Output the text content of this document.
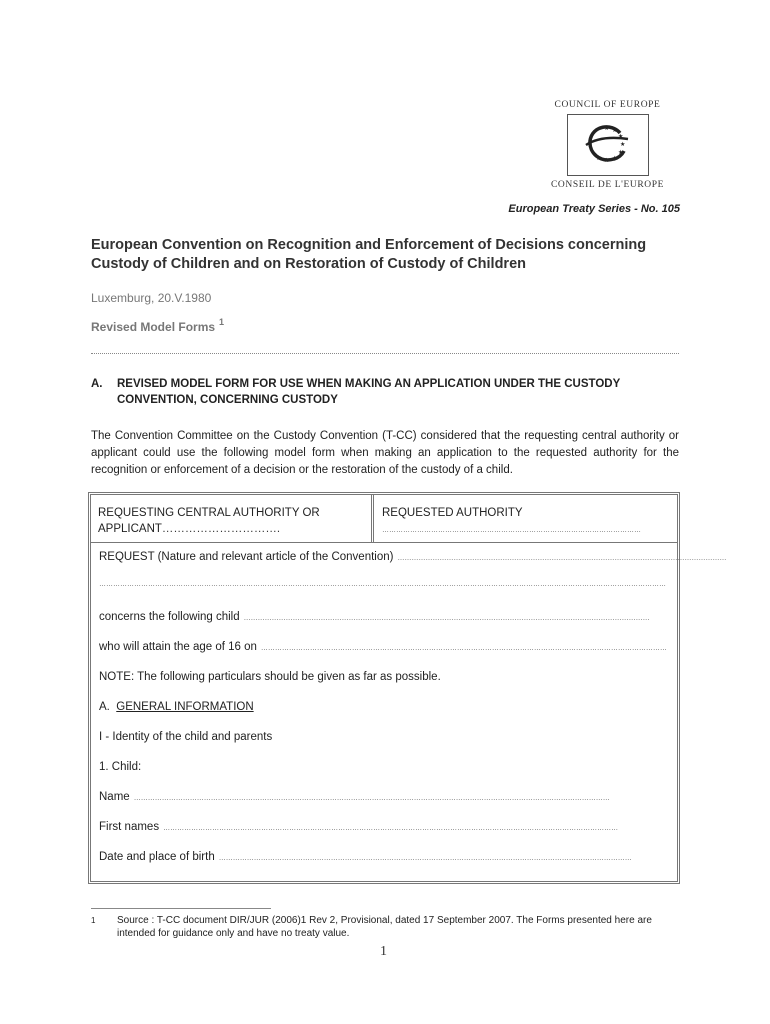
COUNCIL OF EUROPE
★ ★
★
★
★
★
★
★
CONSEIL DE L'EUROPE
European Treaty Series - No. 105
European Convention on Recognition and Enforcement of Decisions concerning
Custody of Children and on Restoration of Custody of Children
Luxemburg, 20.V.1980
Revised Model Forms $^1$
A.	REVISED MODEL FORM FOR USE WHEN MAKING AN APPLICATION UNDER THE CUSTODY CONVENTION, CONCERNING CUSTODY
The Convention Committee on the Custody Convention (T-CC) considered that the requesting central authority or applicant could use the following model form when making an application to the requested authority for the recognition or enforcement of a decision or the restoration of the custody of a child.
REQUESTING CENTRAL AUTHORITY OR
APPLICANT………………………….
REQUESTED AUTHORITY
…………………………………………………………………………………………………
REQUEST (Nature and relevant article of the Convention) ……………………………………………………………………………………………………………………………
………………………………………………………………………………………………………………………………………………………………………………………………………………………
concerns the following child …………………………………………………………………………………………………………………………………………………………
who will attain the age of 16 on …………………………………………………………………………………………………………………………………………………………
NOTE: The following particulars should be given as far as possible.
A.
GENERAL INFORMATION
I - Identity of the child and parents
1. Child:
Name ……………………………………………………………………………………………………………………………………………………………………………………
First names ……………………………………………………………………………………………………………………………………………………………………………
Date and place of birth ……………………………………………………………………………………………………………………………………………………………
1	Source : T-CC document DIR/JUR (2006)1 Rev 2, Provisional, dated 17 September 2007. The Forms presented here are intended for guidance only and have no treaty value.
1
